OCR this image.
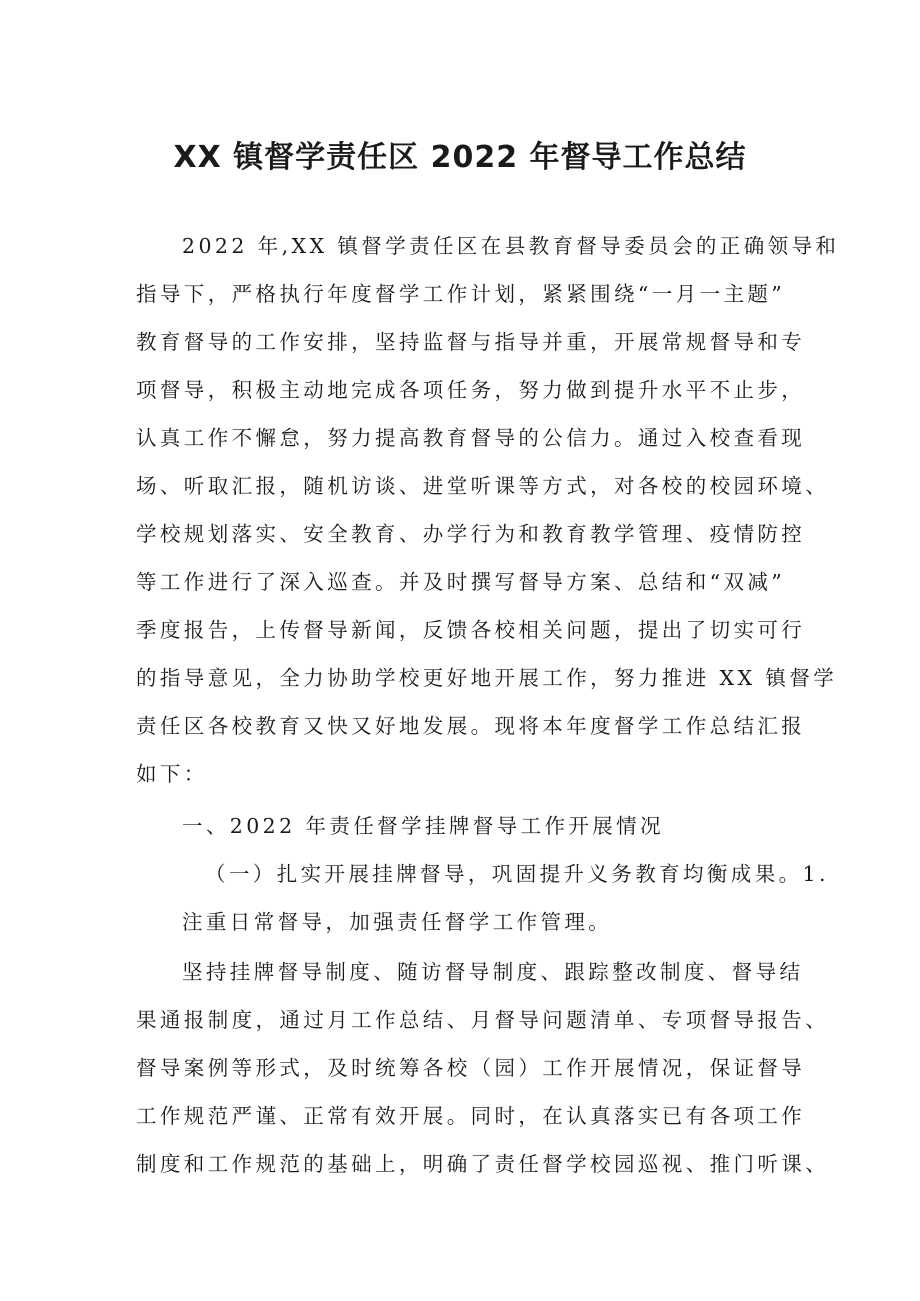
XX 镇督学责任区 2022 年督导工作总结
2022 年,XX 镇督学责任区在县教育督导委员会的正确领导和
指导下，严格执行年度督学工作计划，紧紧围绕“一月一主题”
教育督导的工作安排，坚持监督与指导并重，开展常规督导和专
项督导，积极主动地完成各项任务，努力做到提升水平不止步，
认真工作不懈怠，努力提高教育督导的公信力。通过入校查看现
场、听取汇报，随机访谈、进堂听课等方式，对各校的校园环境、
学校规划落实、安全教育、办学行为和教育教学管理、疫情防控
等工作进行了深入巡查。并及时撰写督导方案、总结和“双减”
季度报告，上传督导新闻，反馈各校相关问题，提出了切实可行
的指导意见，全力协助学校更好地开展工作，努力推进 XX 镇督学
责任区各校教育又快又好地发展。现将本年度督学工作总结汇报
如下：
一、2022 年责任督学挂牌督导工作开展情况
（一）扎实开展挂牌督导，巩固提升义务教育均衡成果。1.
注重日常督导，加强责任督学工作管理。
坚持挂牌督导制度、随访督导制度、跟踪整改制度、督导结
果通报制度，通过月工作总结、月督导问题清单、专项督导报告、
督导案例等形式，及时统筹各校（园）工作开展情况，保证督导
工作规范严谨、正常有效开展。同时，在认真落实已有各项工作
制度和工作规范的基础上，明确了责任督学校园巡视、推门听课、
